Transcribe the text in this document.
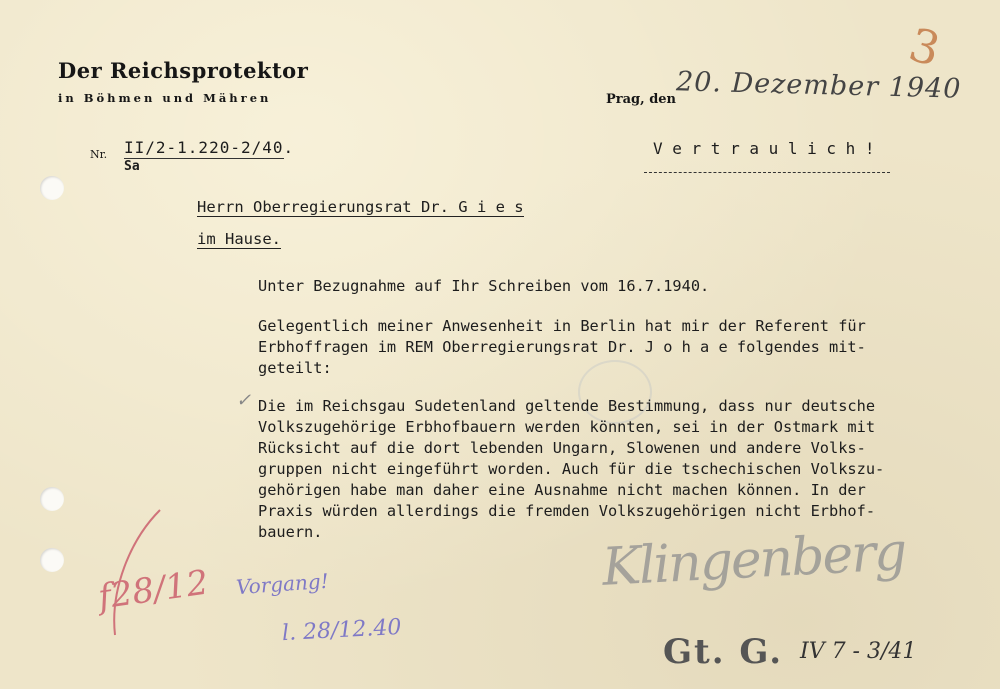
Der Reichsprotektor
in Böhmen und Mähren	Prag, den 20. Dezember 1940
3
Nr. II/2-1.220-2/40.
Sa
V e r t r a u l i c h !
Herrn Oberregierungsrat Dr. G i e s
im Hause.
Unter Bezugnahme auf Ihr Schreiben vom 16.7.1940.
Gelegentlich meiner Anwesenheit in Berlin hat mir der Referent für
Erbhoffragen im REM Oberregierungsrat Dr. J o h a e folgendes mit-
geteilt:
✓ Die im Reichsgau Sudetenland geltende Bestimmung, dass nur deutsche
Volkszugehörige Erbhofbauern werden könnten, sei in der Ostmark mit
Rücksicht auf die dort lebenden Ungarn, Slowenen und andere Volks-
gruppen nicht eingeführt worden. Auch für die tschechischen Volkszu-
gehörigen habe man daher eine Ausnahme nicht machen können. In der
Praxis würden allerdings die fremden Volkszugehörigen nicht Erbhof-
bauern.	Klingenberg
f28/12 Vorgang!
l. 28/12.40
Gt. G. IV 7 - 3/41
